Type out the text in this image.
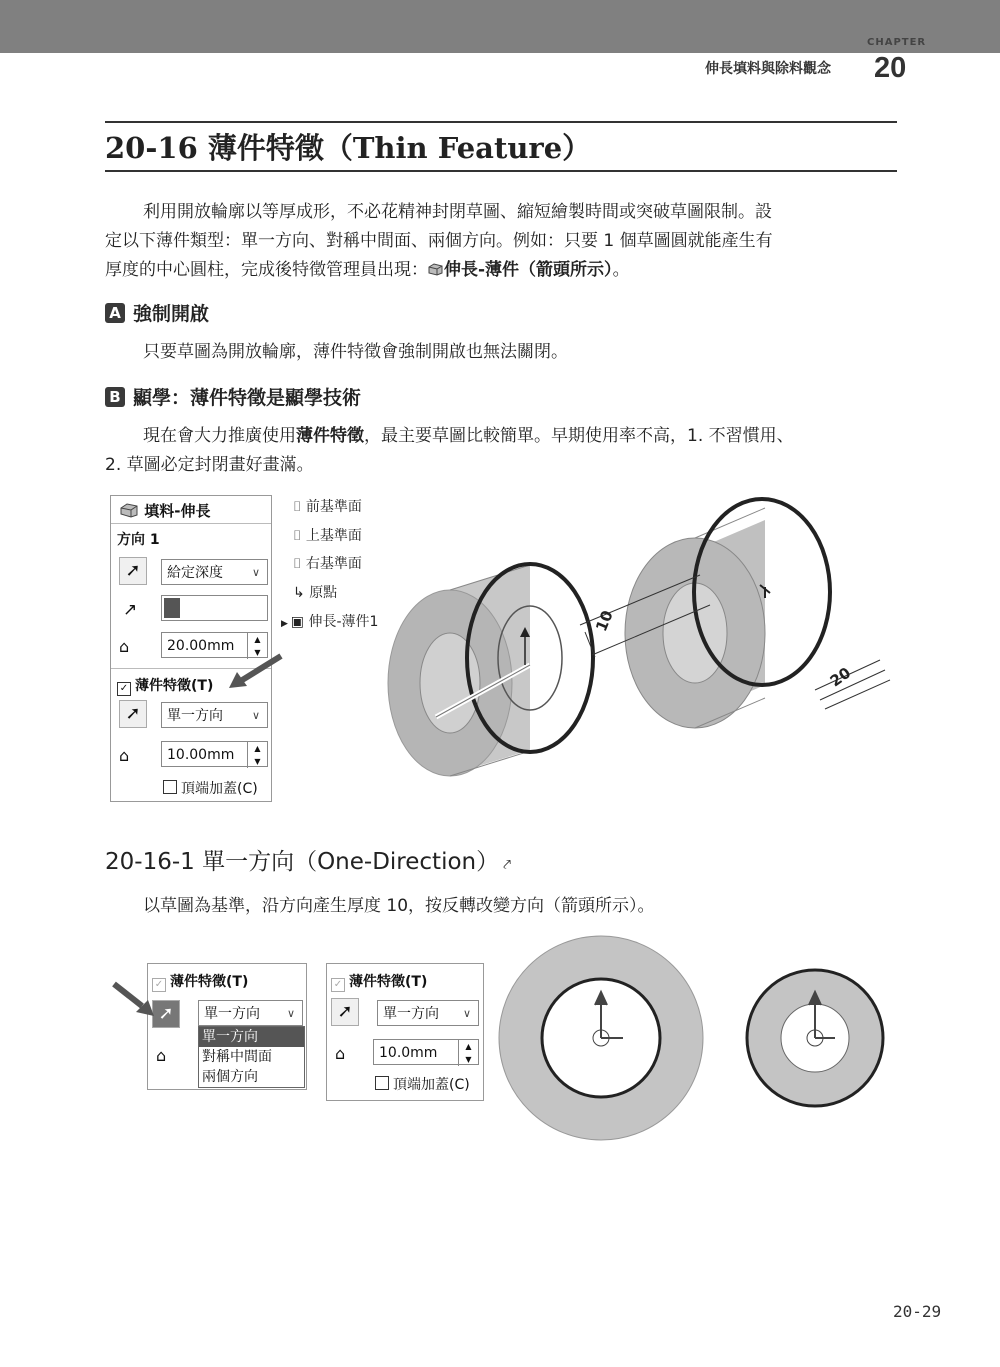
CHAPTER
20
伸長填料與除料觀念
20-16 薄件特徵（Thin Feature）
利用開放輪廓以等厚成形，不必花精神封閉草圖、縮短繪製時間或突破草圖限制。設
定以下薄件類型：單一方向、對稱中間面、兩個方向。例如：只要 1 個草圖圓就能產生有
厚度的中心圓柱，完成後特徵管理員出現： 伸長-薄件（箭頭所示）。
A 強制開啟
只要草圖為開放輪廓，薄件特徵會強制開啟也無法關閉。
B 顯學：薄件特徵是顯學技術
現在會大力推廣使用薄件特徵，最主要草圖比較簡單。早期使用率不高，1. 不習慣用、
2. 草圖必定封閉畫好畫滿。
填料-伸長
方向 1
➚	給定深度	∨
↗
⌂	20.00mm	▲
▼
✓ 薄件特徵(T)
➚	單一方向	∨
⌂	10.00mm	▲
▼
頂端加蓋(C)
⌷ 前基準面
⌷ 上基準面
⌷ 右基準面
↳ 原點
▶ ▣ 伸長-薄件1	10
20
20-16-1 單一方向（One-Direction） ⤤
以草圖為基準，沿方向產生厚度 10，按反轉改變方向（箭頭所示）。
✓ 薄件特徵(T)
➚	單一方向 ∨
⌂
單一方向
對稱中間面
兩個方向
✓ 薄件特徵(T)
➚	單一方向 ∨
⌂	10.0mm	▲
▼
頂端加蓋(C)
20-29
